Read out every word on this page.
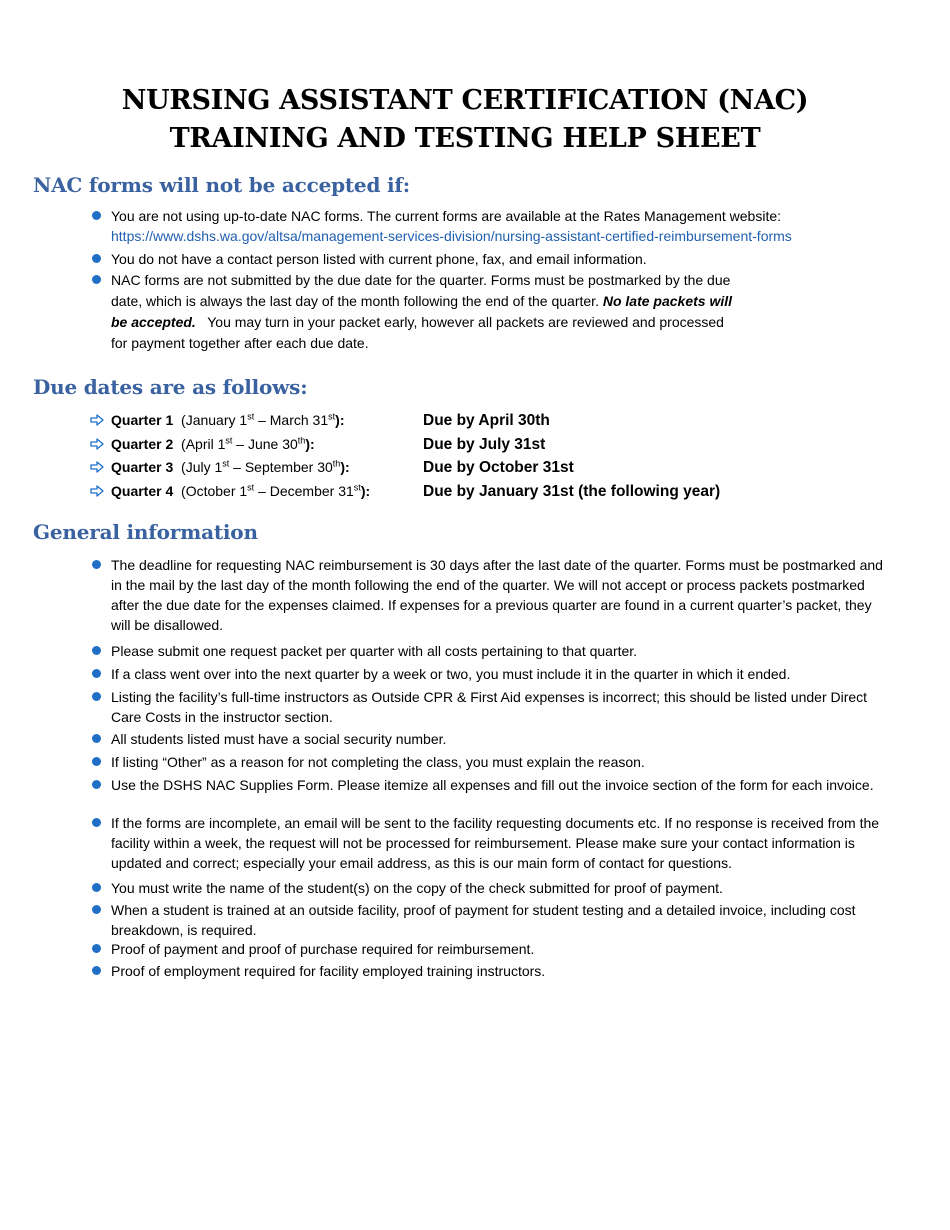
NURSING ASSISTANT CERTIFICATION (NAC)
TRAINING AND TESTING HELP SHEET
NAC forms will not be accepted if:
You are not using up-to-date NAC forms. The current forms are available at the Rates Management website:
https://www.dshs.wa.gov/altsa/management-services-division/nursing-assistant-certified-reimbursement-forms
You do not have a contact person listed with current phone, fax, and email information.
NAC forms are not submitted by the due date for the quarter. Forms must be postmarked by the due date, which is always the last day of the month following the end of the quarter. No late packets will be accepted.   You may turn in your packet early, however all packets are reviewed and processed for payment together after each due date.
Due dates are as follows:
Quarter 1 (January 1st – March 31st):	Due by April 30th
Quarter 2 (April 1st – June 30th):	Due by July 31st
Quarter 3 (July 1st – September 30th):	Due by October 31st
Quarter 4 (October 1st – December 31st):	Due by January 31st (the following year)
General information
The deadline for requesting NAC reimbursement is 30 days after the last date of the quarter. Forms must be postmarked and in the mail by the last day of the month following the end of the quarter. We will not accept or process packets postmarked after the due date for the expenses claimed. If expenses for a previous quarter are found in a current quarter’s packet, they will be disallowed.
Please submit one request packet per quarter with all costs pertaining to that quarter.
If a class went over into the next quarter by a week or two, you must include it in the quarter in which it ended.
Listing the facility’s full-time instructors as Outside CPR & First Aid expenses is incorrect; this should be listed under Direct Care Costs in the instructor section.
All students listed must have a social security number.
If listing “Other” as a reason for not completing the class, you must explain the reason.
Use the DSHS NAC Supplies Form. Please itemize all expenses and fill out the invoice section of the form for each invoice.
If the forms are incomplete, an email will be sent to the facility requesting documents etc. If no response is received from the facility within a week, the request will not be processed for reimbursement. Please make sure your contact information is updated and correct; especially your email address, as this is our main form of contact for questions.
You must write the name of the student(s) on the copy of the check submitted for proof of payment.
When a student is trained at an outside facility, proof of payment for student testing and a detailed invoice, including cost breakdown, is required.
Proof of payment and proof of purchase required for reimbursement.
Proof of employment required for facility employed training instructors.
